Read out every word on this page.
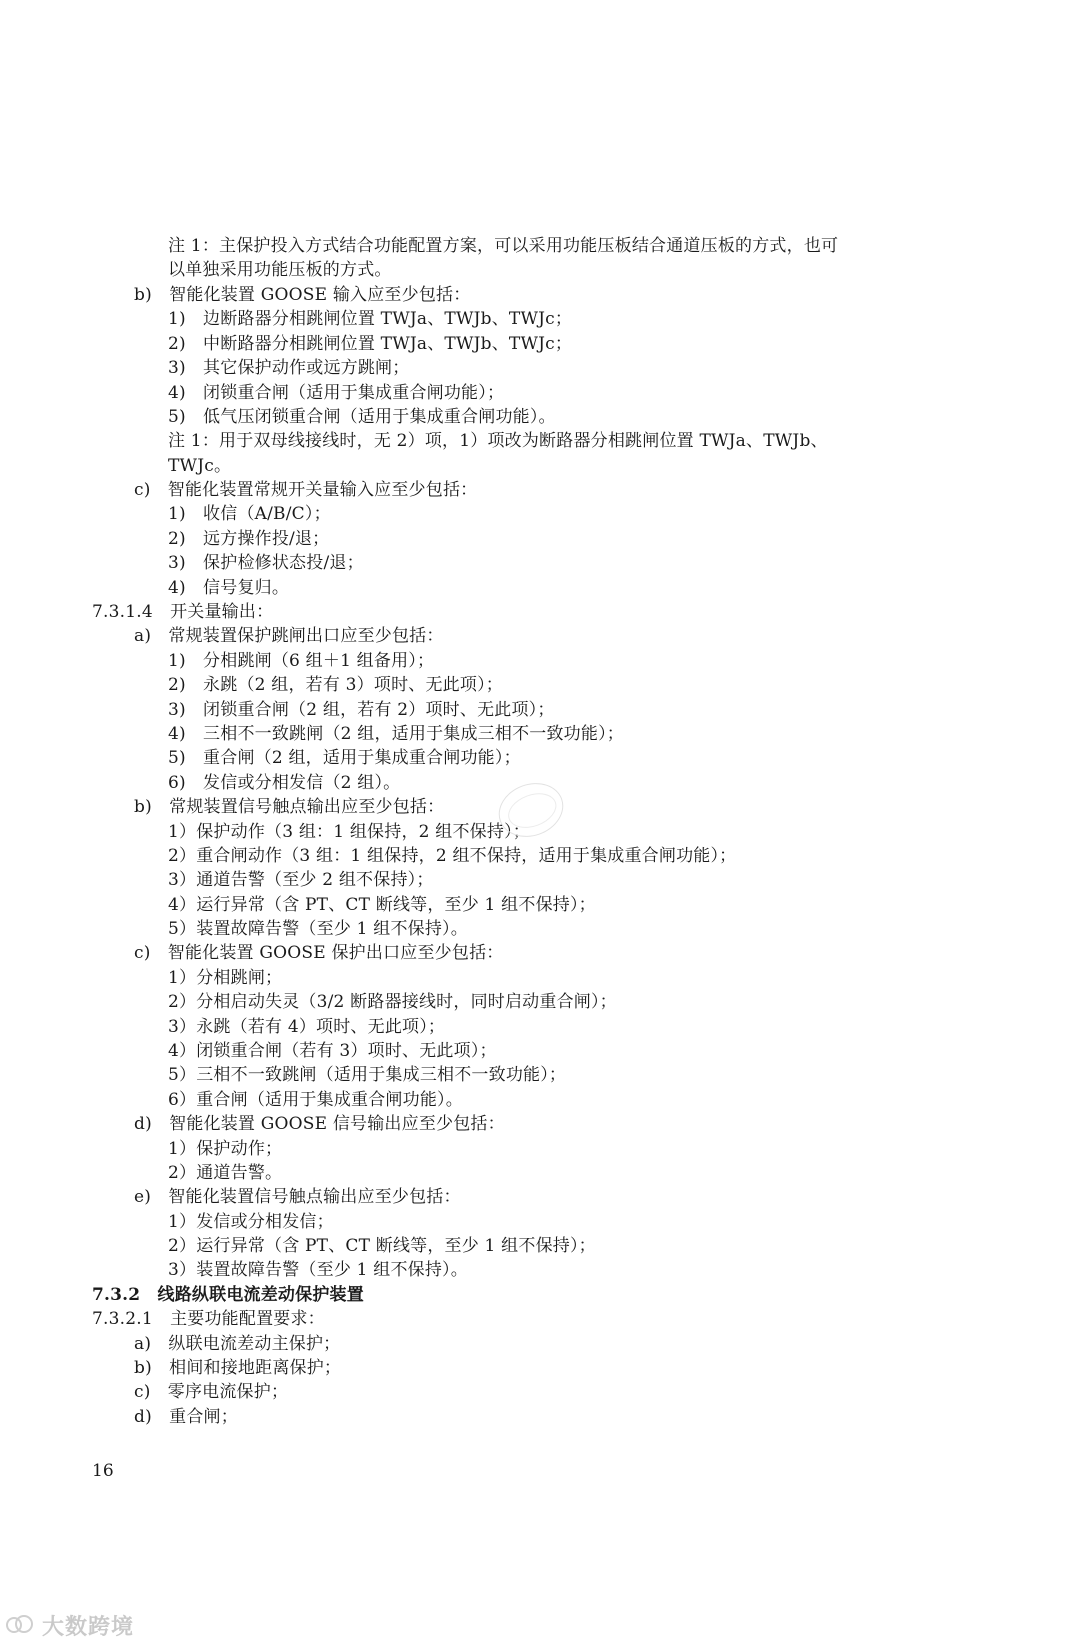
注 1：主保护投入方式结合功能配置方案，可以采用功能压板结合通道压板的方式，也可
以单独采用功能压板的方式。
b)　智能化装置 GOOSE 输入应至少包括：
1)　边断路器分相跳闸位置 TWJa、TWJb、TWJc；
2)　中断路器分相跳闸位置 TWJa、TWJb、TWJc；
3)　其它保护动作或远方跳闸；
4)　闭锁重合闸（适用于集成重合闸功能）；
5)　低气压闭锁重合闸（适用于集成重合闸功能）。
注 1：用于双母线接线时，无 2）项，1）项改为断路器分相跳闸位置 TWJa、TWJb、
TWJc。
c)　智能化装置常规开关量输入应至少包括：
1)　收信（A/B/C）；
2)　远方操作投/退；
3)　保护检修状态投/退；
4)　信号复归。
7.3.1.4　开关量输出：
a)　常规装置保护跳闸出口应至少包括：
1)　分相跳闸（6 组＋1 组备用）；
2)　永跳（2 组，若有 3）项时、无此项）；
3)　闭锁重合闸（2 组，若有 2）项时、无此项）；
4)　三相不一致跳闸（2 组，适用于集成三相不一致功能）；
5)　重合闸（2 组，适用于集成重合闸功能）；
6)　发信或分相发信（2 组）。
b)　常规装置信号触点输出应至少包括：
1）保护动作（3 组：1 组保持，2 组不保持）；
2）重合闸动作（3 组：1 组保持，2 组不保持，适用于集成重合闸功能）；
3）通道告警（至少 2 组不保持）；
4）运行异常（含 PT、CT 断线等，至少 1 组不保持）；
5）装置故障告警（至少 1 组不保持）。
c)　智能化装置 GOOSE 保护出口应至少包括：
1）分相跳闸；
2）分相启动失灵（3/2 断路器接线时，同时启动重合闸）；
3）永跳（若有 4）项时、无此项）；
4）闭锁重合闸（若有 3）项时、无此项）；
5）三相不一致跳闸（适用于集成三相不一致功能）；
6）重合闸（适用于集成重合闸功能）。
d)　智能化装置 GOOSE 信号输出应至少包括：
1）保护动作；
2）通道告警。
e)　智能化装置信号触点输出应至少包括：
1）发信或分相发信；
2）运行异常（含 PT、CT 断线等，至少 1 组不保持）；
3）装置故障告警（至少 1 组不保持）。
7.3.2　线路纵联电流差动保护装置
7.3.2.1　主要功能配置要求：
a)　纵联电流差动主保护；
b)　相间和接地距离保护；
c)　零序电流保护；
d)　重合闸；
16
大数跨境
